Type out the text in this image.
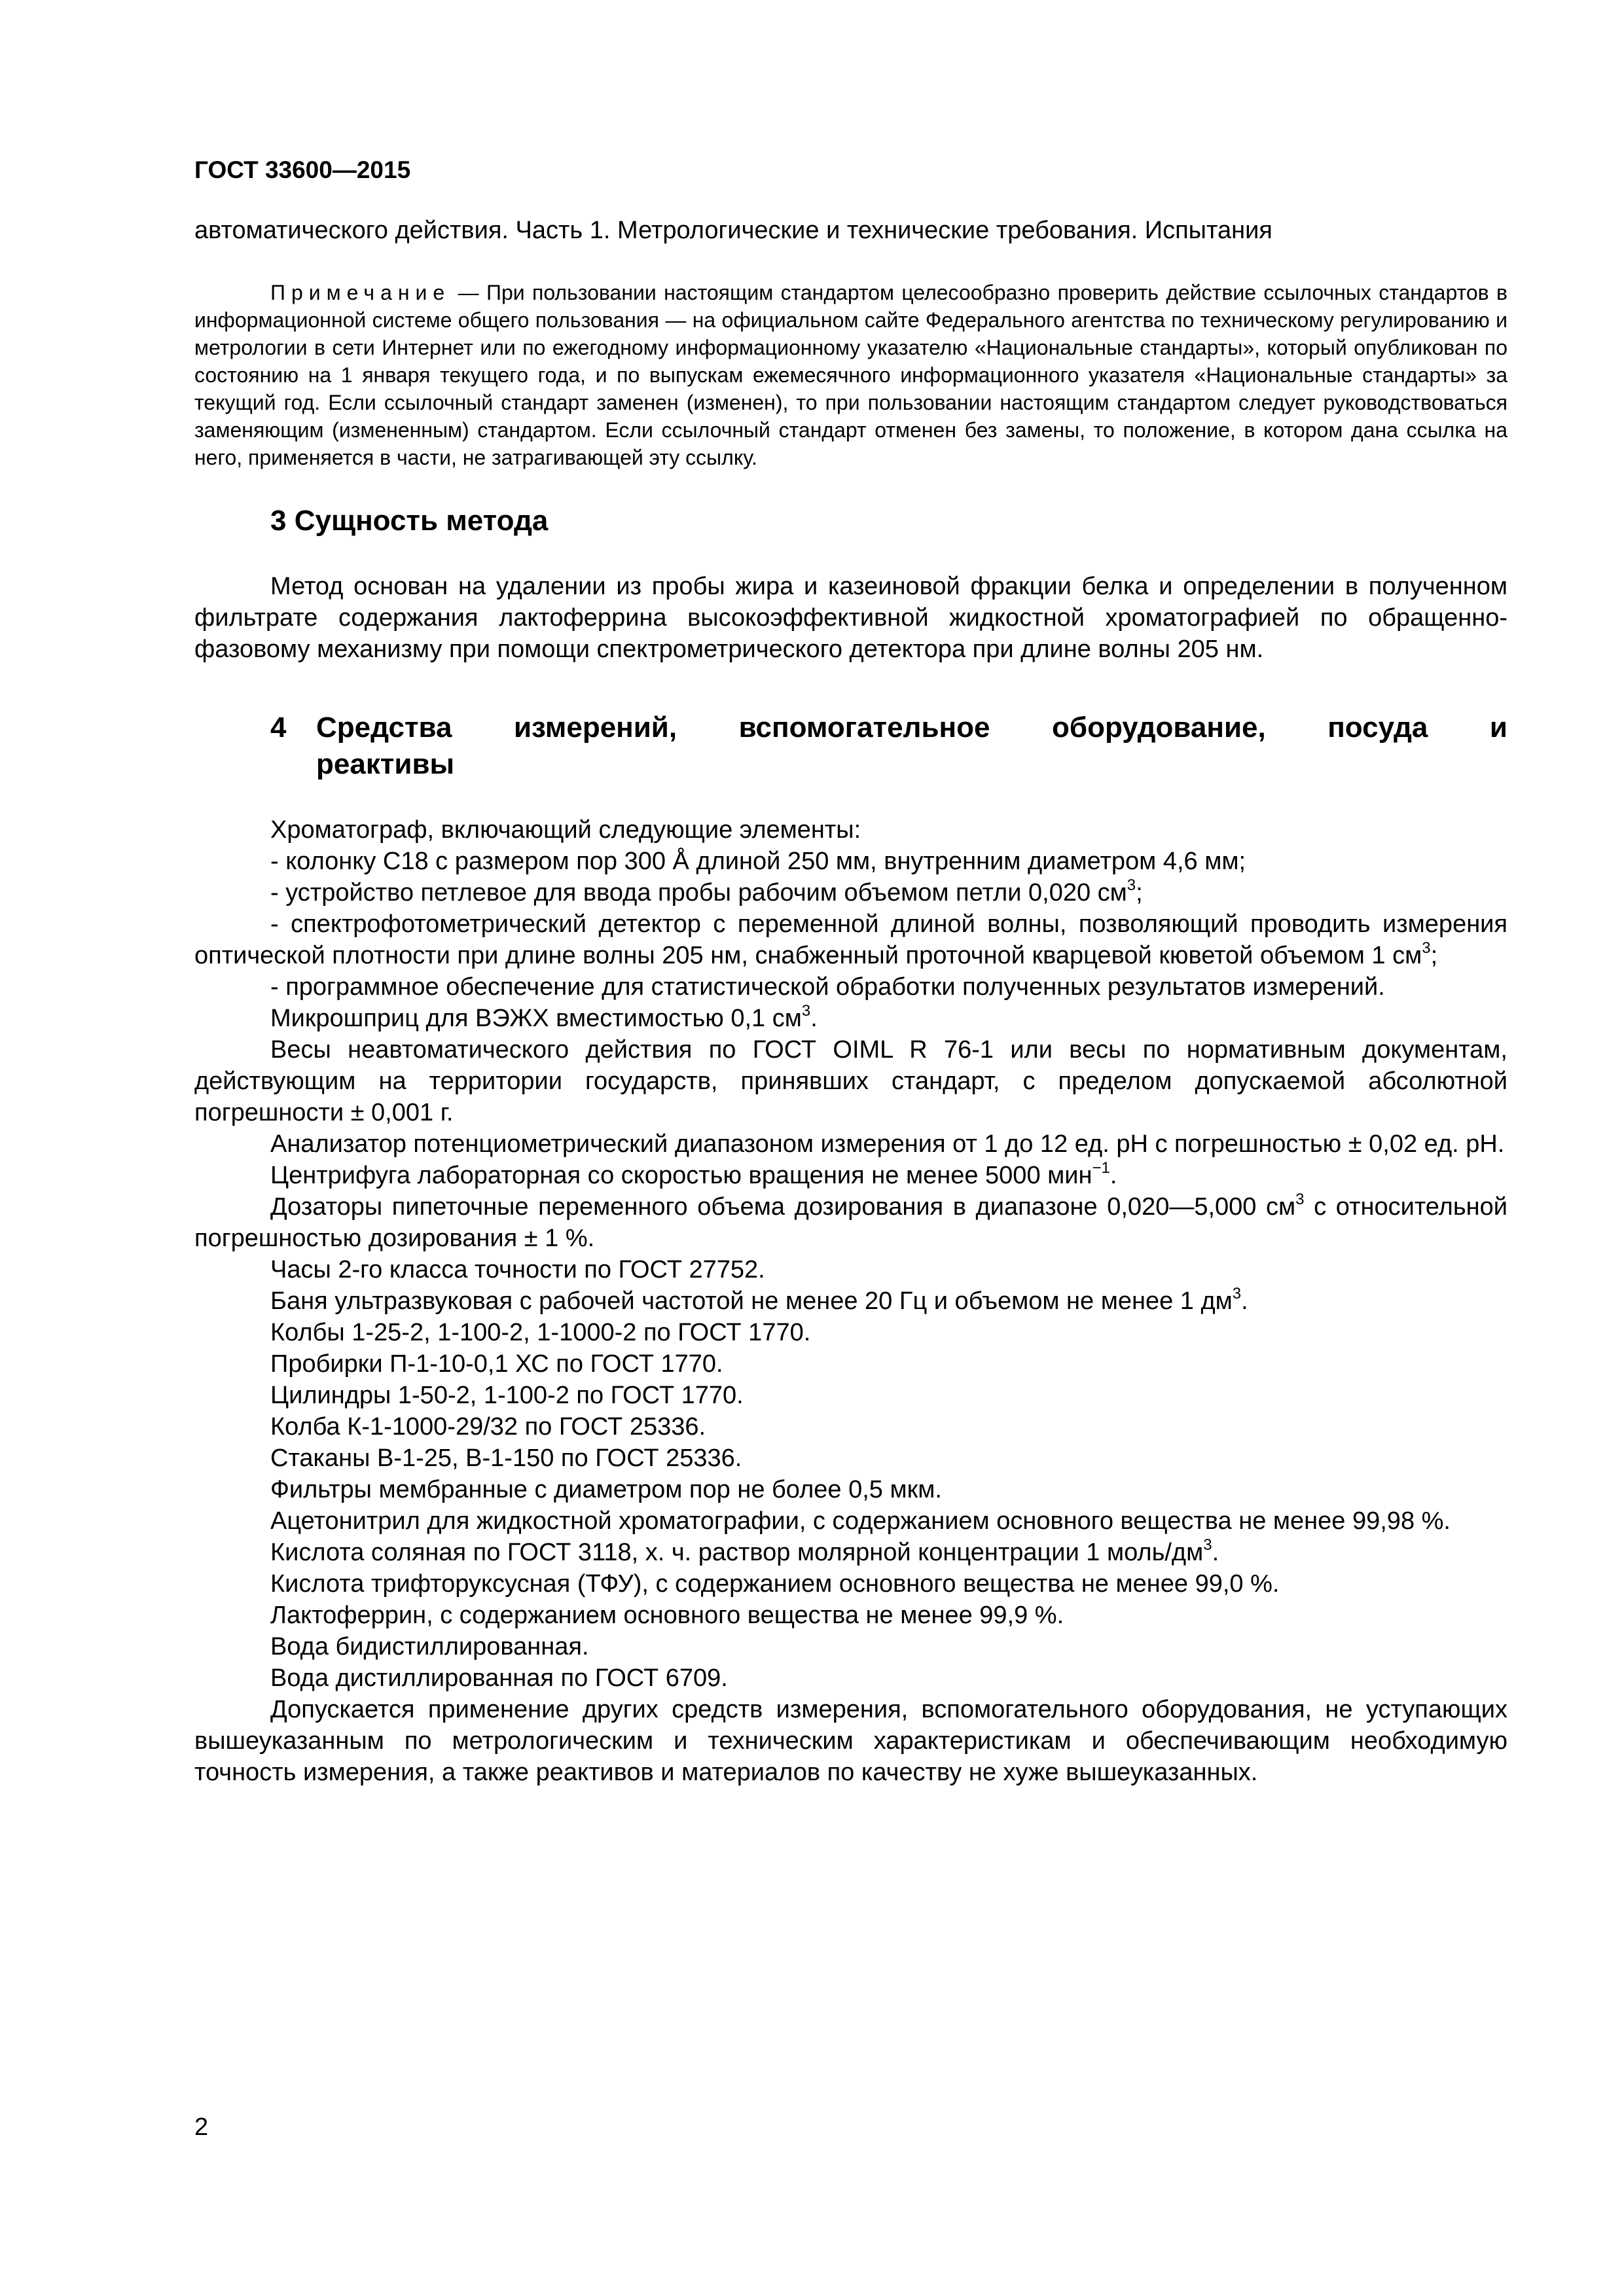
ГОСТ 33600—2015

автоматического действия. Часть 1. Метрологические и технические требования. Испытания

Примечание — При пользовании настоящим стандартом целесообразно проверить действие ссылочных стандартов в информационной системе общего пользования — на официальном сайте Федерального агентства по техническому регулированию и метрологии в сети Интернет или по ежегодному информационному указателю «Национальные стандарты», который опубликован по состоянию на 1 января текущего года, и по выпускам ежемесячного информационного указателя «Национальные стандарты» за текущий год. Если ссылочный стандарт заменен (изменен), то при пользовании настоящим стандартом следует руководствоваться заменяющим (измененным) стандартом. Если ссылочный стандарт отменен без замены, то положение, в котором дана ссылка на него, применяется в части, не затрагивающей эту ссылку.

3 Сущность метода

Метод основан на удалении из пробы жира и казеиновой фракции белка и определении в полученном фильтрате содержания лактоферрина высокоэффективной жидкостной хроматографией по обращенно-фазовому механизму при помощи спектрометрического детектора при длине волны 205 нм.

4	Средства измерений, вспомогательное оборудование, посуда и
реактивы

Хроматограф, включающий следующие элементы:

- колонку С18 с размером пор 300 Å длиной 250 мм, внутренним диаметром 4,6 мм;

- устройство петлевое для ввода пробы рабочим объемом петли 0,020 $см^3$;

- спектрофотометрический детектор с переменной длиной волны, позволяющий проводить измерения оптической плотности при длине волны 205 нм, снабженный проточной кварцевой кюветой объемом 1 $см^3$;

- программное обеспечение для статистической обработки полученных результатов измерений.

Микрошприц для ВЭЖХ вместимостью 0,1 $см^3$.

Весы неавтоматического действия по ГОСТ OIML R 76-1 или весы по нормативным документам, действующим на территории государств, принявших стандарт, с пределом допускаемой абсолютной погрешности ± 0,001 г.

Анализатор потенциометрический диапазоном измерения от 1 до 12 ед. pH с погрешностью ± 0,02 ед. pH.

Центрифуга лабораторная со скоростью вращения не менее 5000 мин$^{-1}$.

Дозаторы пипеточные переменного объема дозирования в диапазоне 0,020—5,000 $см^3$ с относительной погрешностью дозирования ± 1 %.

Часы 2-го класса точности по ГОСТ 27752.

Баня ультразвуковая с рабочей частотой не менее 20 Гц и объемом не менее 1 $дм^3$.

Колбы 1-25-2, 1-100-2, 1-1000-2 по ГОСТ 1770.

Пробирки П-1-10-0,1 ХС по ГОСТ 1770.

Цилиндры 1-50-2, 1-100-2 по ГОСТ 1770.

Колба К-1-1000-29/32 по ГОСТ 25336.

Стаканы В-1-25, В-1-150 по ГОСТ 25336.

Фильтры мембранные с диаметром пор не более 0,5 мкм.

Ацетонитрил для жидкостной хроматографии, с содержанием основного вещества не менее 99,98 %.

Кислота соляная по ГОСТ 3118, х. ч. раствор молярной концентрации 1 моль/$дм^3$.

Кислота трифторуксусная (ТФУ), с содержанием основного вещества не менее 99,0 %.

Лактоферрин, с содержанием основного вещества не менее 99,9 %.

Вода бидистиллированная.

Вода дистиллированная по ГОСТ 6709.

Допускается применение других средств измерения, вспомогательного оборудования, не уступающих вышеуказанным по метрологическим и техническим характеристикам и обеспечивающим необходимую точность измерения, а также реактивов и материалов по качеству не хуже вышеуказанных.

2
